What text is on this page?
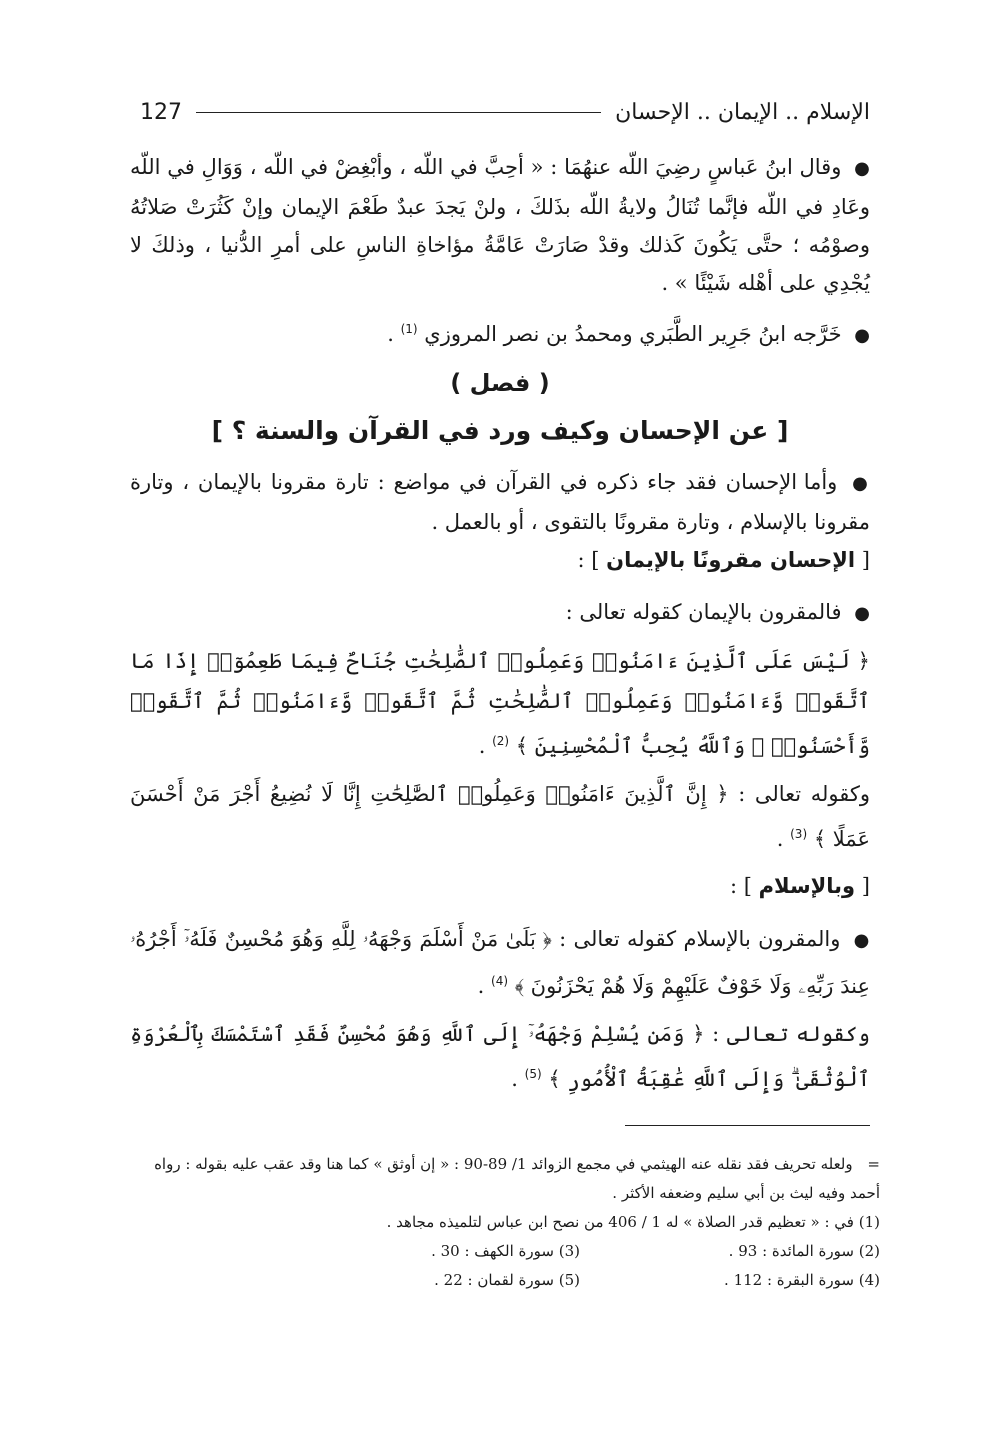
الإسلام .. الإيمان .. الإحسان
127

● وقال ابنُ عَباسٍ رضِيَ اللّه عنهُمَا : « أحِبَّ في اللّه ، وأبْغِضْ في اللّه ، وَوَالِ في اللّه وعَادِ في اللّه فإنَّما تُنَالُ ولايةُ اللّه بذَلكَ ، ولنْ يَجدَ عبدٌ طَعْمَ الإيمان وإنْ كَثُرَتْ صَلاتُهُ وصوْمُه ؛ حتَّى يَكُونَ كَذلك وقدْ صَارَتْ عَامَّةُ مؤاخاةِ الناسِ على أمرِ الدُّنيا ، وذلكَ لا يُجْدِي على أهْله شَيْئًا » .

● خَرَّجه ابنُ جَرِير الطَّبَري ومحمدُ بن نصر المروزي $^{(1)}$ .

( فصل )
[ عن الإحسان وكيف ورد في القرآن والسنة ؟ ]

● وأما الإحسان فقد جاء ذكره في القرآن في مواضع : تارة مقرونا بالإيمان ، وتارة مقرونا بالإسلام ، وتارة مقرونًا بالتقوى ، أو بالعمل .

[ الإحسان مقرونًا بالإيمان ] :

● فالمقرون بالإيمان كقوله تعالى :

﴿ لَيْسَ عَلَى ٱلَّذِينَ ءَامَنُوا۟ وَعَمِلُوا۟ ٱلصَّٰلِحَٰتِ جُنَاحٌ فِيمَا طَعِمُوٓا۟ إِذَا مَا ٱتَّقَوا۟ وَّءَامَنُوا۟ وَعَمِلُوا۟ ٱلصَّٰلِحَٰتِ ثُمَّ ٱتَّقَوا۟ وَّءَامَنُوا۟ ثُمَّ ٱتَّقَوا۟ وَّأَحْسَنُوا۟ ۗ وَٱللَّهُ يُحِبُّ ٱلْمُحْسِنِينَ ﴾ $^{(2)}$ .

وكقوله تعالى : ﴿ إِنَّ ٱلَّذِينَ ءَامَنُوا۟ وَعَمِلُوا۟ ٱلصَّٰلِحَٰتِ إِنَّا لَا نُضِيعُ أَجْرَ مَنْ أَحْسَنَ عَمَلًا ﴾ $^{(3)}$ .

[ وبالإسلام ] :

● والمقرون بالإسلام كقوله تعالى : ﴿ بَلَىٰ مَنْ أَسْلَمَ وَجْهَهُۥ لِلَّهِ وَهُوَ مُحْسِنٌ فَلَهُۥٓ أَجْرُهُۥ عِندَ رَبِّهِۦ وَلَا خَوْفٌ عَلَيْهِمْ وَلَا هُمْ يَحْزَنُونَ ﴾ $^{(4)}$ .

وكقوله تعالى : ﴿ وَمَن يُسْلِمْ وَجْهَهُۥٓ إِلَى ٱللَّهِ وَهُوَ مُحْسِنٌ فَقَدِ ٱسْتَمْسَكَ بِٱلْعُرْوَةِ ٱلْوُثْقَىٰ ۗ وَإِلَى ٱللَّهِ عَٰقِبَةُ ٱلْأُمُورِ ﴾ $^{(5)}$ .

= ولعله تحريف فقد نقله عنه الهيثمي في مجمع الزوائد 1/ 89-90 : « إن أوثق » كما هنا وقد عقب عليه بقوله : رواه أحمد وفيه ليث بن أبي سليم وضعفه الأكثر .

(1) في : « تعظيم قدر الصلاة » له 1 / 406 من نصح ابن عباس لتلميذه مجاهد .

(2) سورة المائدة : 93 .
(3) سورة الكهف : 30 .
(4) سورة البقرة : 112 .
(5) سورة لقمان : 22 .
